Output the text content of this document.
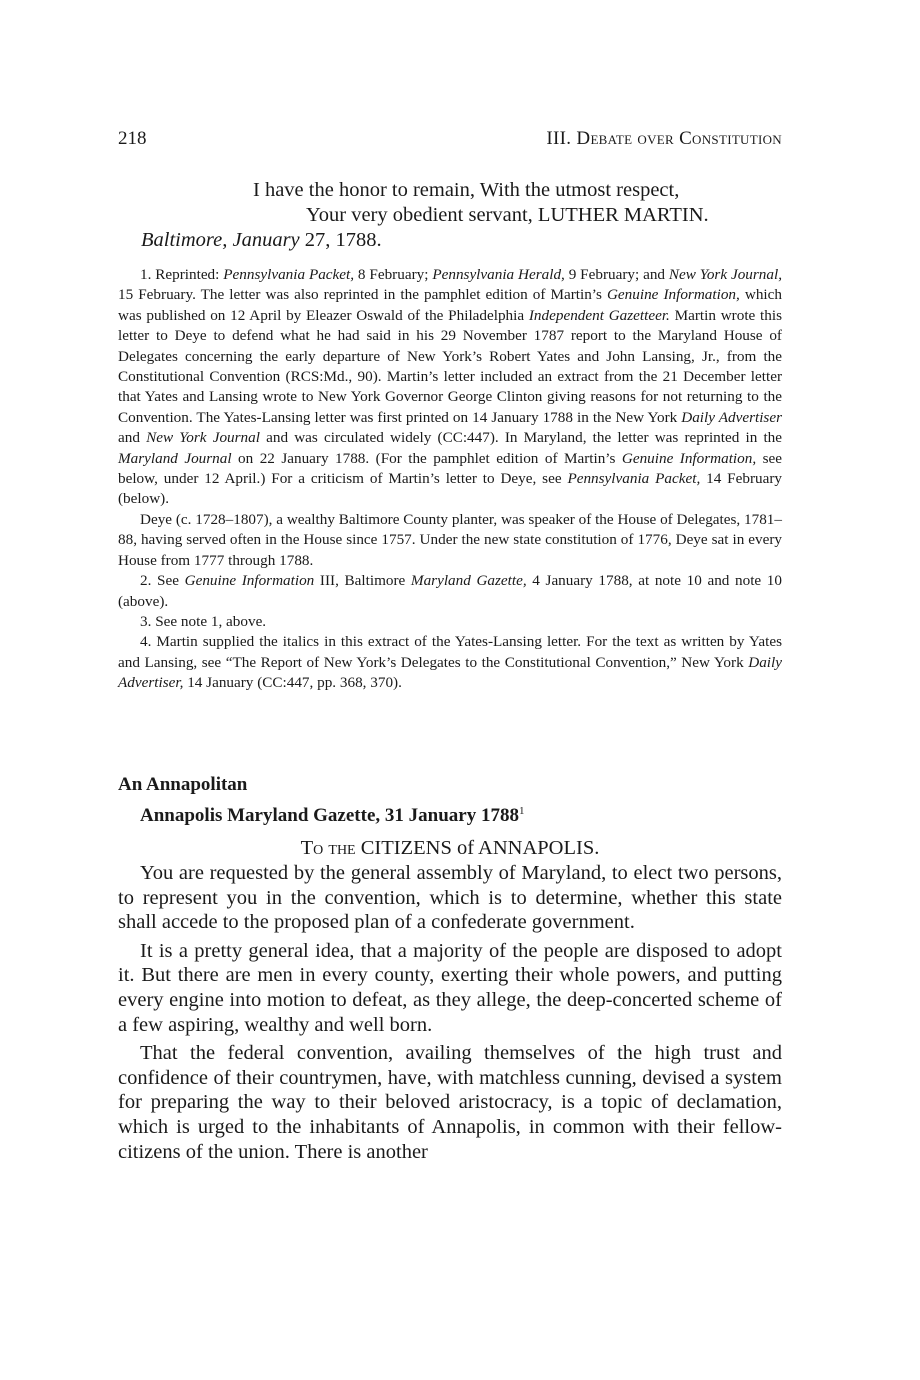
218	III. Debate over Constitution
I have the honor to remain, With the utmost respect,
Your very obedient servant, LUTHER MARTIN.
Baltimore, January 27, 1788.

1. Reprinted: Pennsylvania Packet, 8 February; Pennsylvania Herald, 9 February; and New York Journal, 15 February. The letter was also reprinted in the pamphlet edition of Martin’s Genuine Information, which was published on 12 April by Eleazer Oswald of the Philadelphia Independent Gazetteer. Martin wrote this letter to Deye to defend what he had said in his 29 November 1787 report to the Maryland House of Delegates concerning the early departure of New York’s Robert Yates and John Lansing, Jr., from the Constitutional Convention (RCS:Md., 90). Martin’s letter included an extract from the 21 December letter that Yates and Lansing wrote to New York Governor George Clinton giving reasons for not returning to the Convention. The Yates-Lansing letter was first printed on 14 January 1788 in the New York Daily Advertiser and New York Journal and was circulated widely (CC:447). In Maryland, the letter was reprinted in the Maryland Journal on 22 January 1788. (For the pamphlet edition of Martin’s Genuine Information, see below, under 12 April.) For a criticism of Martin’s letter to Deye, see Pennsylvania Packet, 14 February (below).

Deye (c. 1728–1807), a wealthy Baltimore County planter, was speaker of the House of Delegates, 1781–88, having served often in the House since 1757. Under the new state constitution of 1776, Deye sat in every House from 1777 through 1788.

2. See Genuine Information III, Baltimore Maryland Gazette, 4 January 1788, at note 10 and note 10 (above).

3. See note 1, above.

4. Martin supplied the italics in this extract of the Yates-Lansing letter. For the text as written by Yates and Lansing, see “The Report of New York’s Delegates to the Constitutional Convention,” New York Daily Advertiser, 14 January (CC:447, pp. 368, 370).

An Annapolitan
Annapolis Maryland Gazette, 31 January 1788$^1$
To the CITIZENS of ANNAPOLIS.

You are requested by the general assembly of Maryland, to elect two persons, to represent you in the convention, which is to determine, whether this state shall accede to the proposed plan of a confederate government.

It is a pretty general idea, that a majority of the people are disposed to adopt it. But there are men in every county, exerting their whole powers, and putting every engine into motion to defeat, as they allege, the deep-concerted scheme of a few aspiring, wealthy and well born.

That the federal convention, availing themselves of the high trust and confidence of their countrymen, have, with matchless cunning, devised a system for preparing the way to their beloved aristocracy, is a topic of declamation, which is urged to the inhabitants of Annapolis, in common with their fellow-citizens of the union. There is another
